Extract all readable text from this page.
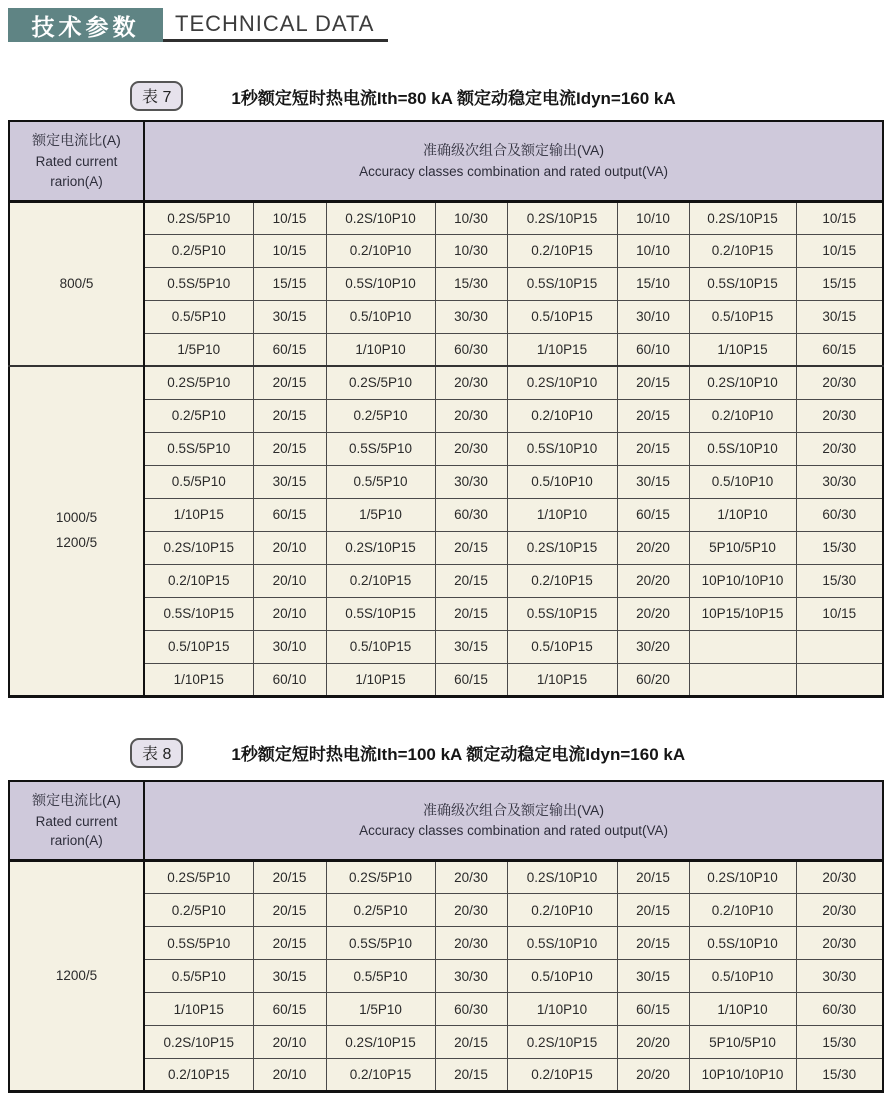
技术参数	TECHNICAL DATA
表 7	1秒额定短时热电流Ith=80 kA 额定动稳定电流Idyn=160 kA
额定电流比(A)
Rated current
rarion(A)

准确级次组合及额定输出(VA)
Accuracy classes combination and rated output(VA)

800/5	0.2S/5P10	10/15	0.2S/10P10	10/30	0.2S/10P15	10/10	0.2S/10P15	10/15
	0.2/5P10	10/15	0.2/10P10	10/30	0.2/10P15	10/10	0.2/10P15	10/15
	0.5S/5P10	15/15	0.5S/10P10	15/30	0.5S/10P15	15/10	0.5S/10P15	15/15
	0.5/5P10	30/15	0.5/10P10	30/30	0.5/10P15	30/10	0.5/10P15	30/15
	1/5P10	60/15	1/10P10	60/30	1/10P15	60/10	1/10P15	60/15

1000/5
1200/5	0.2S/5P10	20/15	0.2S/5P10	20/30	0.2S/10P10	20/15	0.2S/10P10	20/30
	0.2/5P10	20/15	0.2/5P10	20/30	0.2/10P10	20/15	0.2/10P10	20/30
	0.5S/5P10	20/15	0.5S/5P10	20/30	0.5S/10P10	20/15	0.5S/10P10	20/30
	0.5/5P10	30/15	0.5/5P10	30/30	0.5/10P10	30/15	0.5/10P10	30/30
	1/10P15	60/15	1/5P10	60/30	1/10P10	60/15	1/10P10	60/30
	0.2S/10P15	20/10	0.2S/10P15	20/15	0.2S/10P15	20/20	5P10/5P10	15/30
	0.2/10P15	20/10	0.2/10P15	20/15	0.2/10P15	20/20	10P10/10P10	15/30
	0.5S/10P15	20/10	0.5S/10P15	20/15	0.5S/10P15	20/20	10P15/10P15	10/15
	0.5/10P15	30/10	0.5/10P15	30/15	0.5/10P15	30/20		
	1/10P15	60/10	1/10P15	60/15	1/10P15	60/20		
表 8	1秒额定短时热电流Ith=100 kA 额定动稳定电流Idyn=160 kA
额定电流比(A)
Rated current
rarion(A)

准确级次组合及额定输出(VA)
Accuracy classes combination and rated output(VA)

1200/5	0.2S/5P10	20/15	0.2S/5P10	20/30	0.2S/10P10	20/15	0.2S/10P10	20/30
	0.2/5P10	20/15	0.2/5P10	20/30	0.2/10P10	20/15	0.2/10P10	20/30
	0.5S/5P10	20/15	0.5S/5P10	20/30	0.5S/10P10	20/15	0.5S/10P10	20/30
	0.5/5P10	30/15	0.5/5P10	30/30	0.5/10P10	30/15	0.5/10P10	30/30
	1/10P15	60/15	1/5P10	60/30	1/10P10	60/15	1/10P10	60/30
	0.2S/10P15	20/10	0.2S/10P15	20/15	0.2S/10P15	20/20	5P10/5P10	15/30
	0.2/10P15	20/10	0.2/10P15	20/15	0.2/10P15	20/20	10P10/10P10	15/30
